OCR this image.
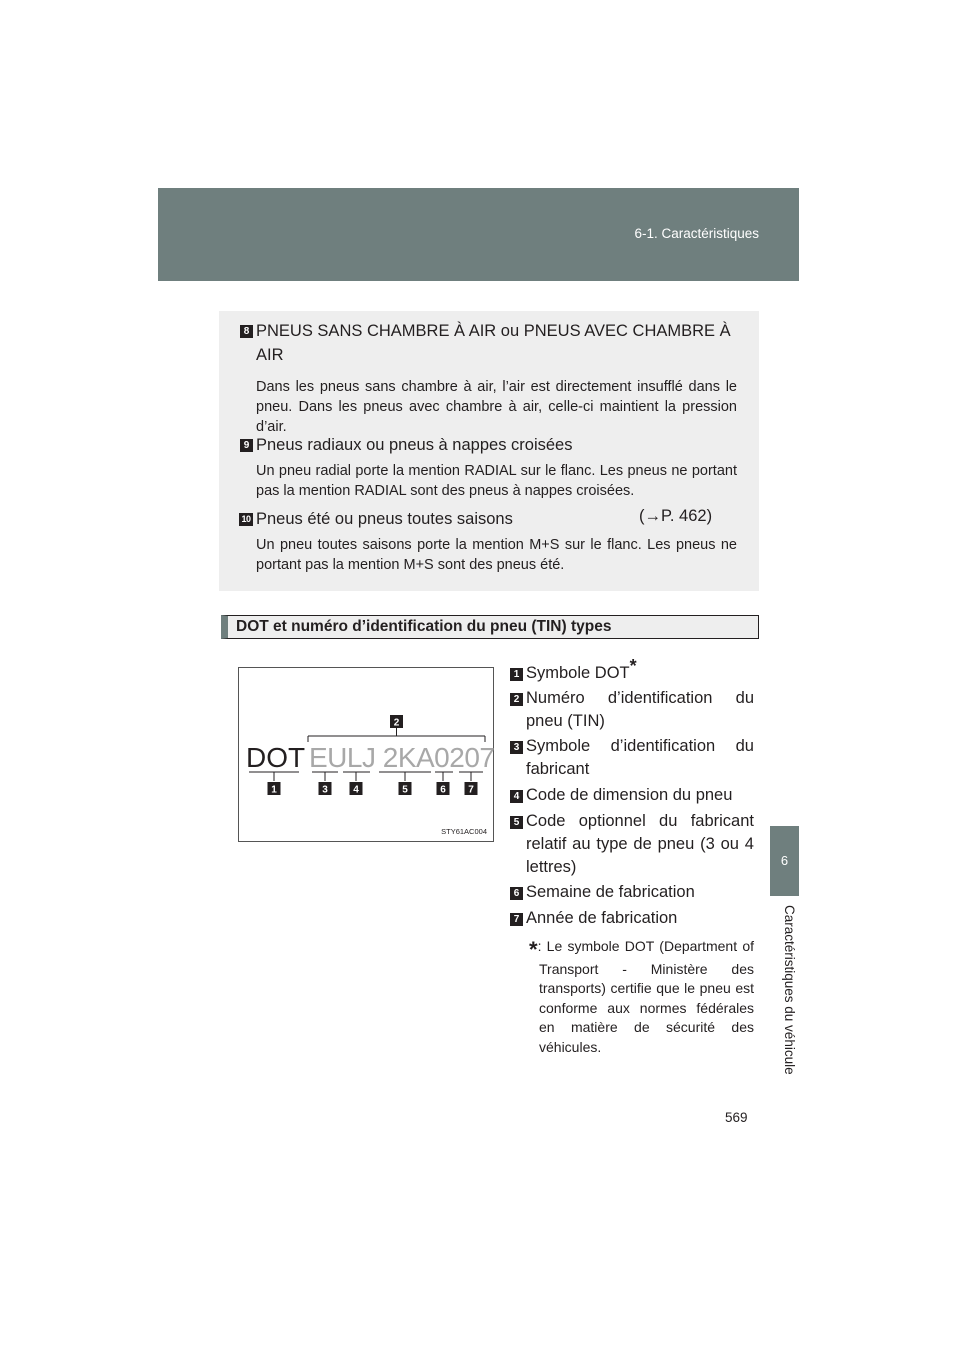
6-1. Caractéristiques
6
Caractéristiques du véhicule
569
8 PNEUS SANS CHAMBRE À AIR ou PNEUS AVEC CHAMBRE À AIR
Dans les pneus sans chambre à air, l’air est directement insufflé dans le pneu. Dans les pneus avec chambre à air, celle-ci maintient la pression d’air.
9 Pneus radiaux ou pneus à nappes croisées
Un pneu radial porte la mention RADIAL sur le flanc. Les pneus ne portant pas la mention RADIAL sont des pneus à nappes croisées.
10 Pneus été ou pneus toutes saisons	(→P. 462)
Un pneu toutes saisons porte la mention M+S sur le flanc. Les pneus ne portant pas la mention M+S sont des pneus été.
DOT et numéro d’identification du pneu (TIN) types
2
DOT EULJ 2KA0207
1	3	4	5	6 7
STY61AC004
1 Symbole DOT*
2 Numéro d’identification du pneu (TIN)
3 Symbole d’identification du fabricant
4 Code de dimension du pneu
5 Code optionnel du fabricant relatif au type de pneu (3 ou 4 lettres)
6 Semaine de fabrication
7 Année de fabrication
*: Le symbole DOT (Department of Transport - Ministère des transports) certifie que le pneu est conforme aux normes fédérales en matière de sécurité des véhicules.
